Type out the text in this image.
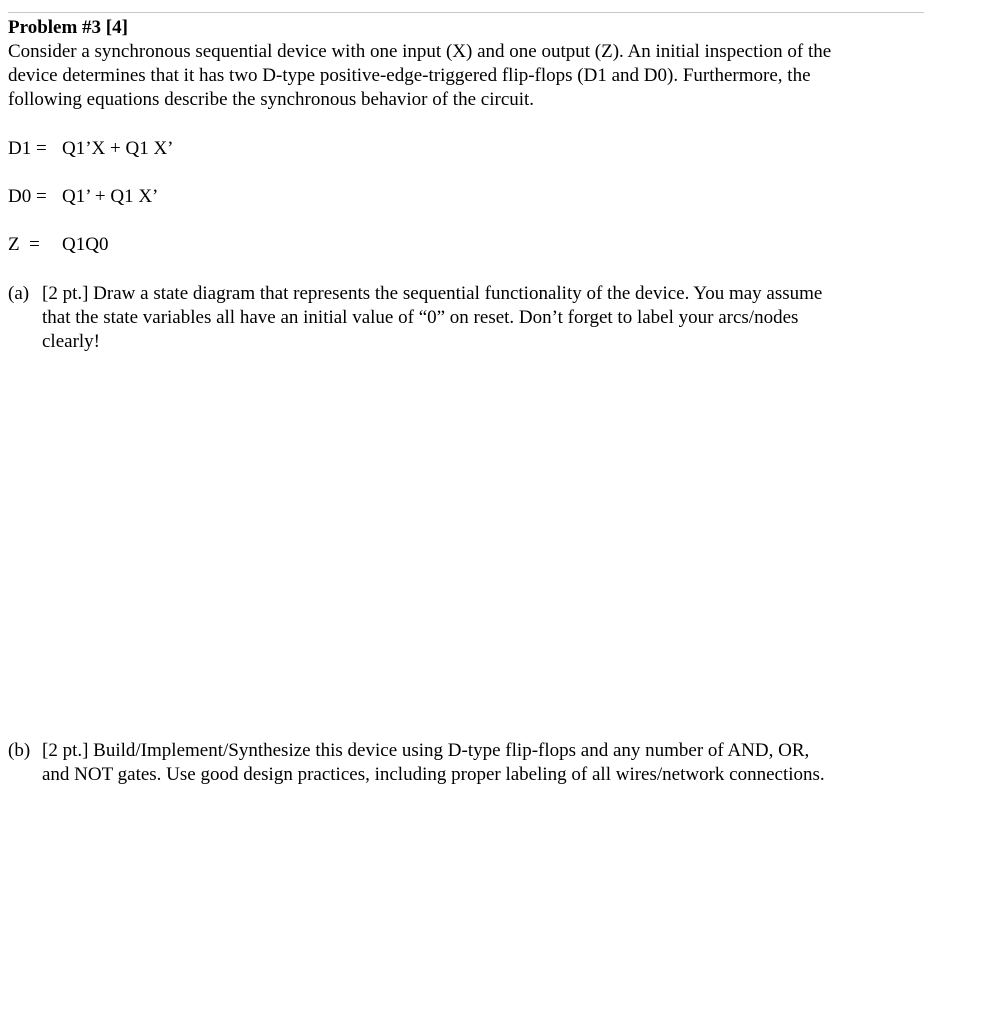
Problem #3 [4]
Consider a synchronous sequential device with one input (X) and one output (Z). An initial inspection of the
device determines that it has two D-type positive-edge-triggered flip-flops (D1 and D0). Furthermore, the
following equations describe the synchronous behavior of the circuit.
D1 = Q1’X + Q1 X’
D0 = Q1’ + Q1 X’
Z  = Q1Q0
(a) [2 pt.] Draw a state diagram that represents the sequential functionality of the device. You may assume
that the state variables all have an initial value of “0” on reset. Don’t forget to label your arcs/nodes
clearly!
(b) [2 pt.] Build/Implement/Synthesize this device using D-type flip-flops and any number of AND, OR,
and NOT gates. Use good design practices, including proper labeling of all wires/network connections.
